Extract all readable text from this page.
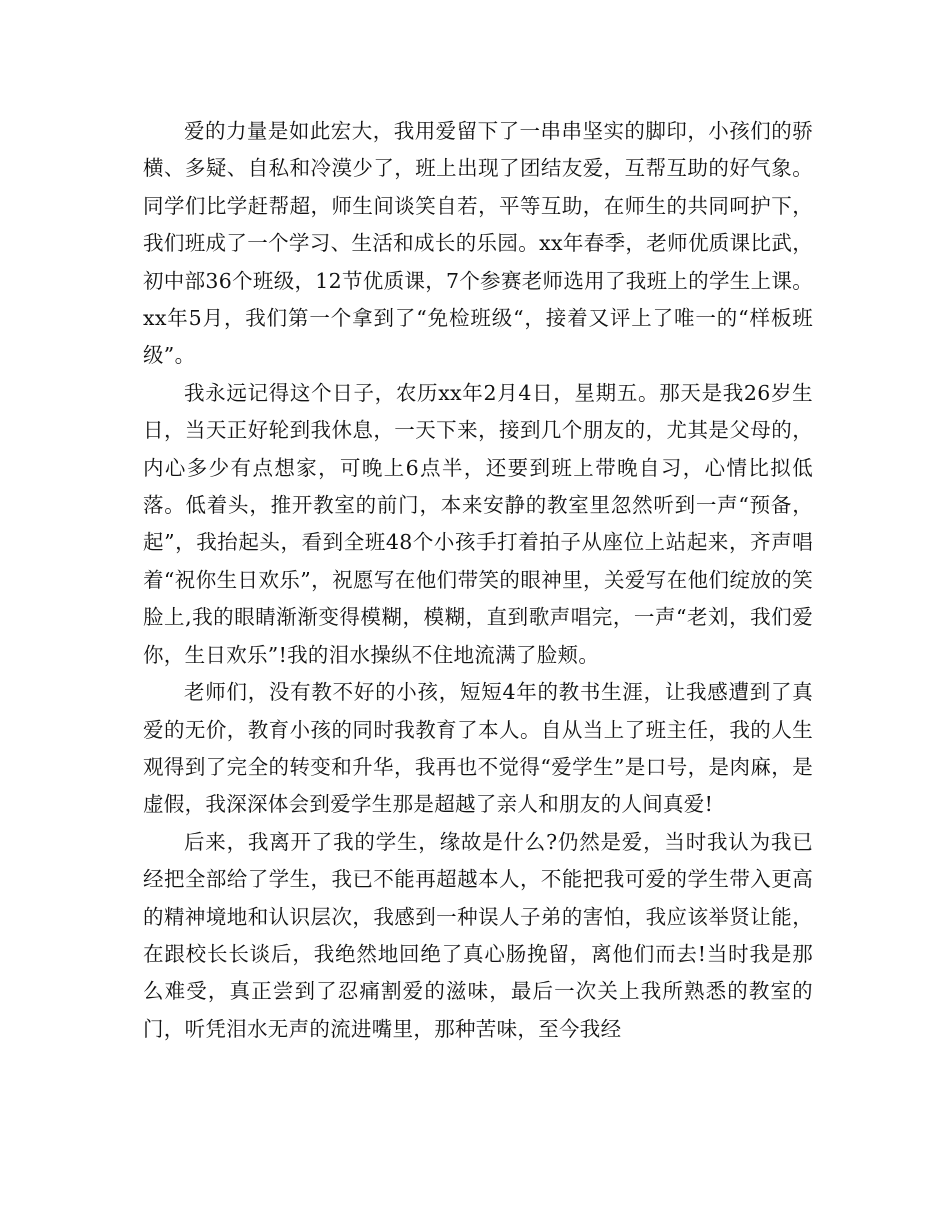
爱的力量是如此宏大，我用爱留下了一串串坚实的脚印，小孩们的骄横、多疑、自私和冷漠少了，班上出现了团结友爱，互帮互助的好气象。同学们比学赶帮超，师生间谈笑自若，平等互助，在师生的共同呵护下，我们班成了一个学习、生活和成长的乐园。xx年春季，老师优质课比武，初中部36个班级，12节优质课，7个参赛老师选用了我班上的学生上课。xx年5月，我们第一个拿到了“免检班级“，接着又评上了唯一的“样板班级”。

我永远记得这个日子，农历xx年2月4日，星期五。那天是我26岁生日，当天正好轮到我休息，一天下来，接到几个朋友的，尤其是父母的，内心多少有点想家，可晚上6点半，还要到班上带晚自习，心情比拟低落。低着头，推开教室的前门，本来安静的教室里忽然听到一声“预备，起”，我抬起头，看到全班48个小孩手打着拍子从座位上站起来，齐声唱着“祝你生日欢乐”，祝愿写在他们带笑的眼神里，关爱写在他们绽放的笑脸上,我的眼睛渐渐变得模糊，模糊，直到歌声唱完，一声“老刘，我们爱你，生日欢乐”!我的泪水操纵不住地流满了脸颊。

老师们，没有教不好的小孩，短短4年的教书生涯，让我感遭到了真爱的无价，教育小孩的同时我教育了本人。自从当上了班主任，我的人生观得到了完全的转变和升华，我再也不觉得“爱学生”是口号，是肉麻，是虚假，我深深体会到爱学生那是超越了亲人和朋友的人间真爱!

后来，我离开了我的学生，缘故是什么?仍然是爱，当时我认为我已经把全部给了学生，我已不能再超越本人，不能把我可爱的学生带入更高的精神境地和认识层次，我感到一种误人子弟的害怕，我应该举贤让能，在跟校长长谈后，我绝然地回绝了真心肠挽留，离他们而去!当时我是那么难受，真正尝到了忍痛割爱的滋味，最后一次关上我所熟悉的教室的门，听凭泪水无声的流进嘴里，那种苦味，至今我经
